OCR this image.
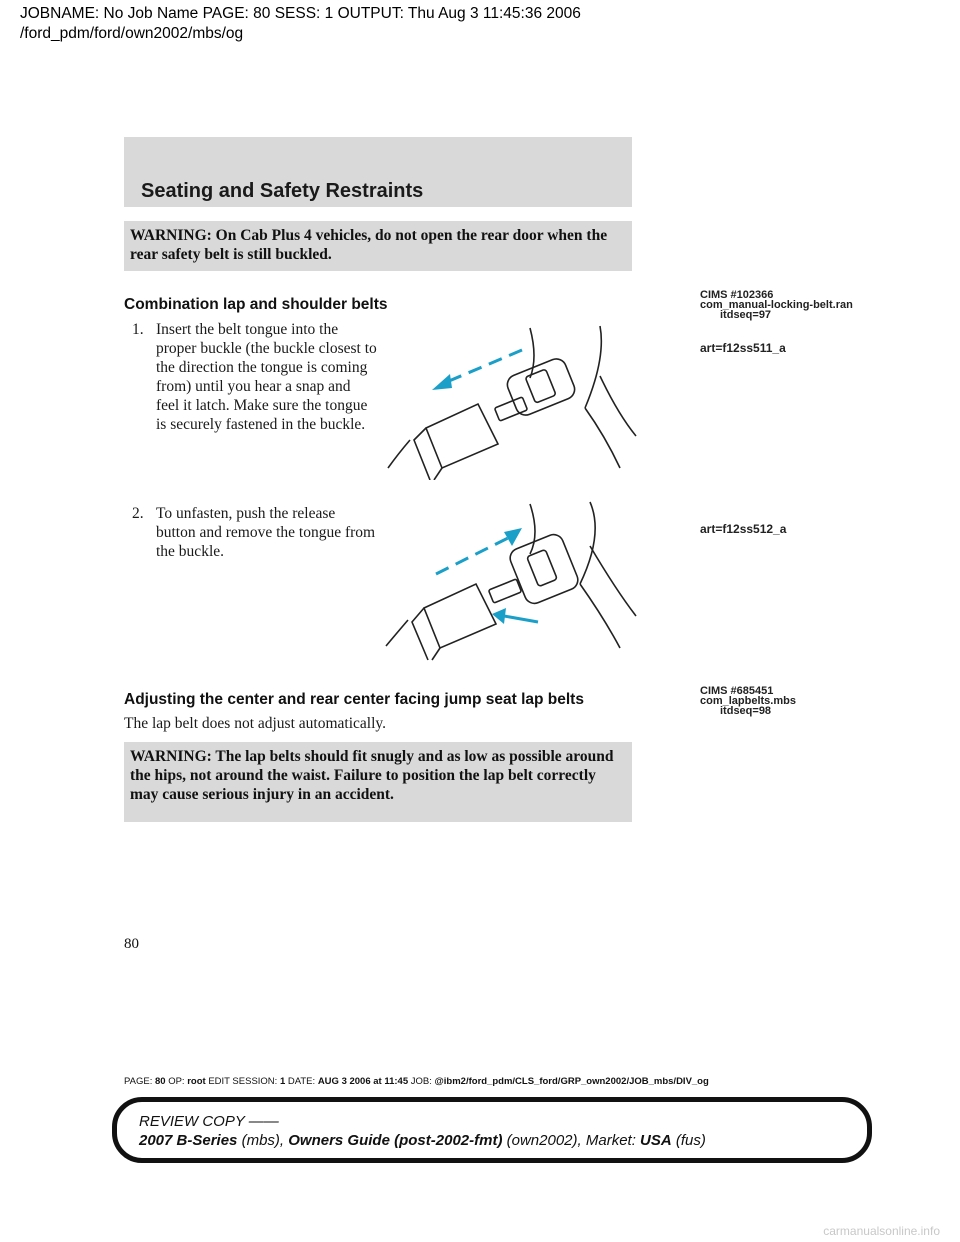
JOBNAME: No Job Name PAGE: 80 SESS: 1 OUTPUT: Thu Aug 3 11:45:36 2006
/ford_pdm/ford/own2002/mbs/og
Seating and Safety Restraints
WARNING: On Cab Plus 4 vehicles, do not open the rear door when the rear safety belt is still buckled.
Combination lap and shoulder belts
CIMS #102366
com_manual-locking-belt.ran
itdseq=97
1. Insert the belt tongue into the proper buckle (the buckle closest to the direction the tongue is coming from) until you hear a snap and feel it latch. Make sure the tongue is securely fastened in the buckle.
art=f12ss511_a
2. To unfasten, push the release button and remove the tongue from the buckle.
art=f12ss512_a
Adjusting the center and rear center facing jump seat lap belts	CIMS #685451
com_lapbelts.mbs
itdseq=98
The lap belt does not adjust automatically.
WARNING: The lap belts should fit snugly and as low as possible around the hips, not around the waist. Failure to position the lap belt correctly may cause serious injury in an accident.
80
PAGE: 80 OP: root EDIT SESSION: 1 DATE: AUG 3 2006 at 11:45 JOB: @ibm2/ford_pdm/CLS_ford/GRP_own2002/JOB_mbs/DIV_og
REVIEW COPY ——
2007 B-Series (mbs), Owners Guide (post-2002-fmt) (own2002), Market: USA (fus)
carmanualsonline.info
